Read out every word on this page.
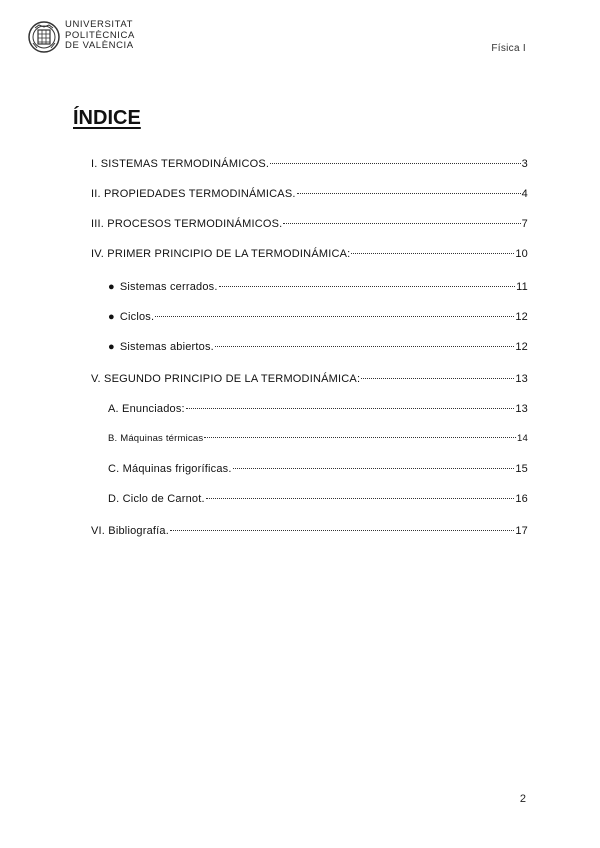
UNIVERSITAT
POLITÈCNICA
DE VALÈNCIA	Física I
ÍNDICE
I. SISTEMAS TERMODINÁMICOS.	3
II. PROPIEDADES TERMODINÁMICAS.	4
III. PROCESOS TERMODINÁMICOS.	7
IV. PRIMER PRINCIPIO DE LA TERMODINÁMICA:	10
● Sistemas cerrados.	11
● Ciclos.	12
● Sistemas abiertos.	12
V. SEGUNDO PRINCIPIO DE LA TERMODINÁMICA:	13
A. Enunciados:	13
B. Máquinas térmicas	14
C. Máquinas frigoríficas.	15
D. Ciclo de Carnot.	16
VI. Bibliografía.	17
2
